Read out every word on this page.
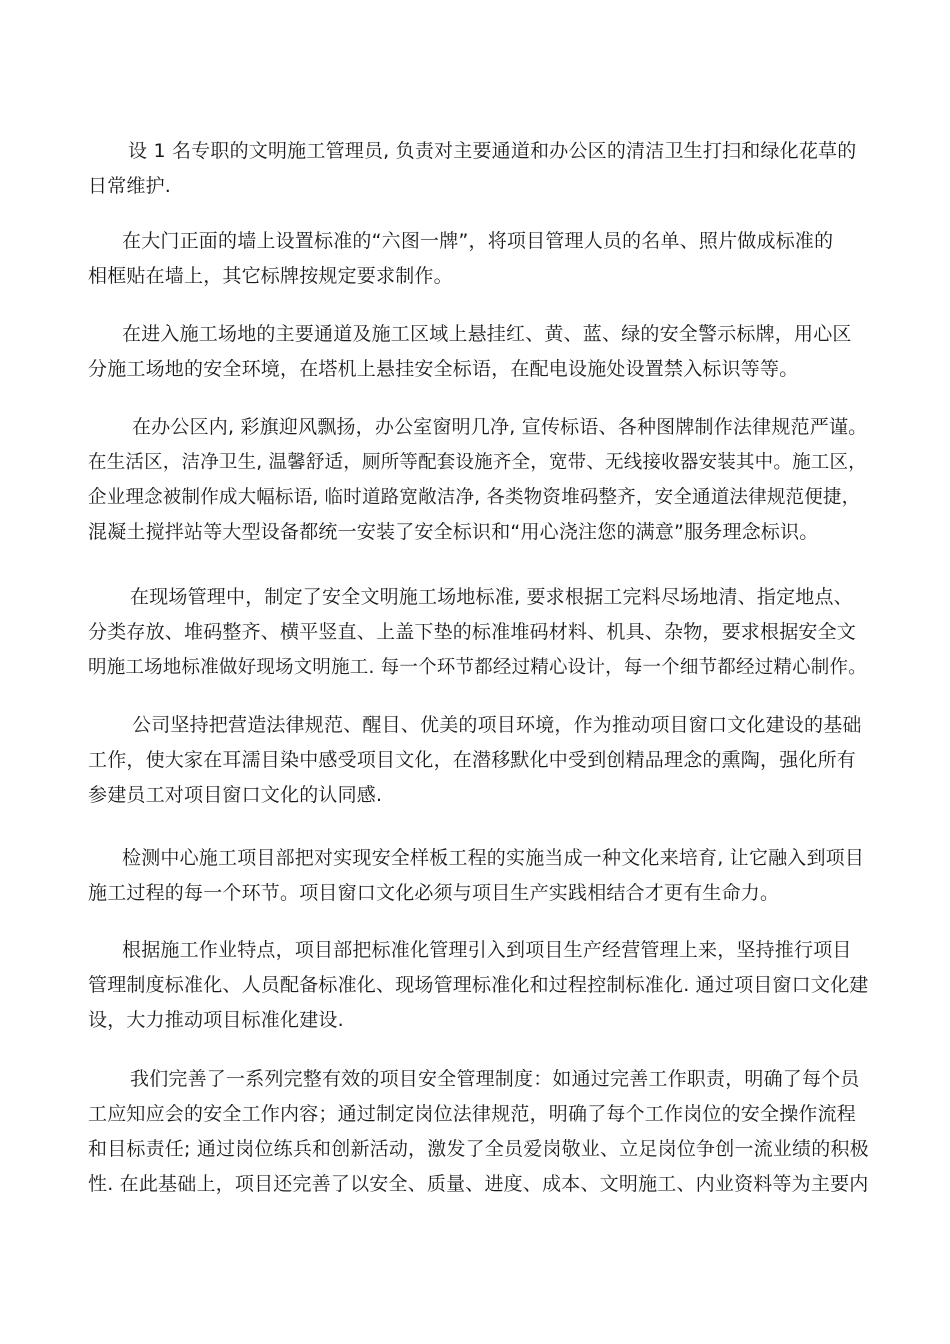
设 1 名专职的文明施工管理员, 负责对主要通道和办公区的清洁卫生打扫和绿化花草的
日常维护.

在大门正面的墙上设置标准的“六图一牌”，将项目管理人员的名单、照片做成标准的
相框贴在墙上，其它标牌按规定要求制作。

在进入施工场地的主要通道及施工区域上悬挂红、黄、蓝、绿的安全警示标牌，用心区
分施工场地的安全环境，在塔机上悬挂安全标语，在配电设施处设置禁入标识等等。

在办公区内, 彩旗迎风飘扬，办公室窗明几净, 宣传标语、各种图牌制作法律规范严谨。
在生活区，洁净卫生, 温馨舒适，厕所等配套设施齐全，宽带、无线接收器安装其中。施工区，
企业理念被制作成大幅标语, 临时道路宽敞洁净, 各类物资堆码整齐，安全通道法律规范便捷，
混凝土搅拌站等大型设备都统一安装了安全标识和“用心浇注您的满意”服务理念标识。

在现场管理中，制定了安全文明施工场地标准, 要求根据工完料尽场地清、指定地点、
分类存放、堆码整齐、横平竖直、上盖下垫的标准堆码材料、机具、杂物，要求根据安全文
明施工场地标准做好现场文明施工. 每一个环节都经过精心设计，每一个细节都经过精心制作。

公司坚持把营造法律规范、醒目、优美的项目环境，作为推动项目窗口文化建设的基础
工作，使大家在耳濡目染中感受项目文化，在潜移默化中受到创精品理念的熏陶，强化所有
参建员工对项目窗口文化的认同感.

检测中心施工项目部把对实现安全样板工程的实施当成一种文化来培育, 让它融入到项目
施工过程的每一个环节。项目窗口文化必须与项目生产实践相结合才更有生命力。

根据施工作业特点，项目部把标准化管理引入到项目生产经营管理上来，坚持推行项目
管理制度标准化、人员配备标准化、现场管理标准化和过程控制标准化. 通过项目窗口文化建
设，大力推动项目标准化建设.

我们完善了一系列完整有效的项目安全管理制度：如通过完善工作职责，明确了每个员
工应知应会的安全工作内容；通过制定岗位法律规范，明确了每个工作岗位的安全操作流程
和目标责任; 通过岗位练兵和创新活动，激发了全员爱岗敬业、立足岗位争创一流业绩的积极
性. 在此基础上，项目还完善了以安全、质量、进度、成本、文明施工、内业资料等为主要内
